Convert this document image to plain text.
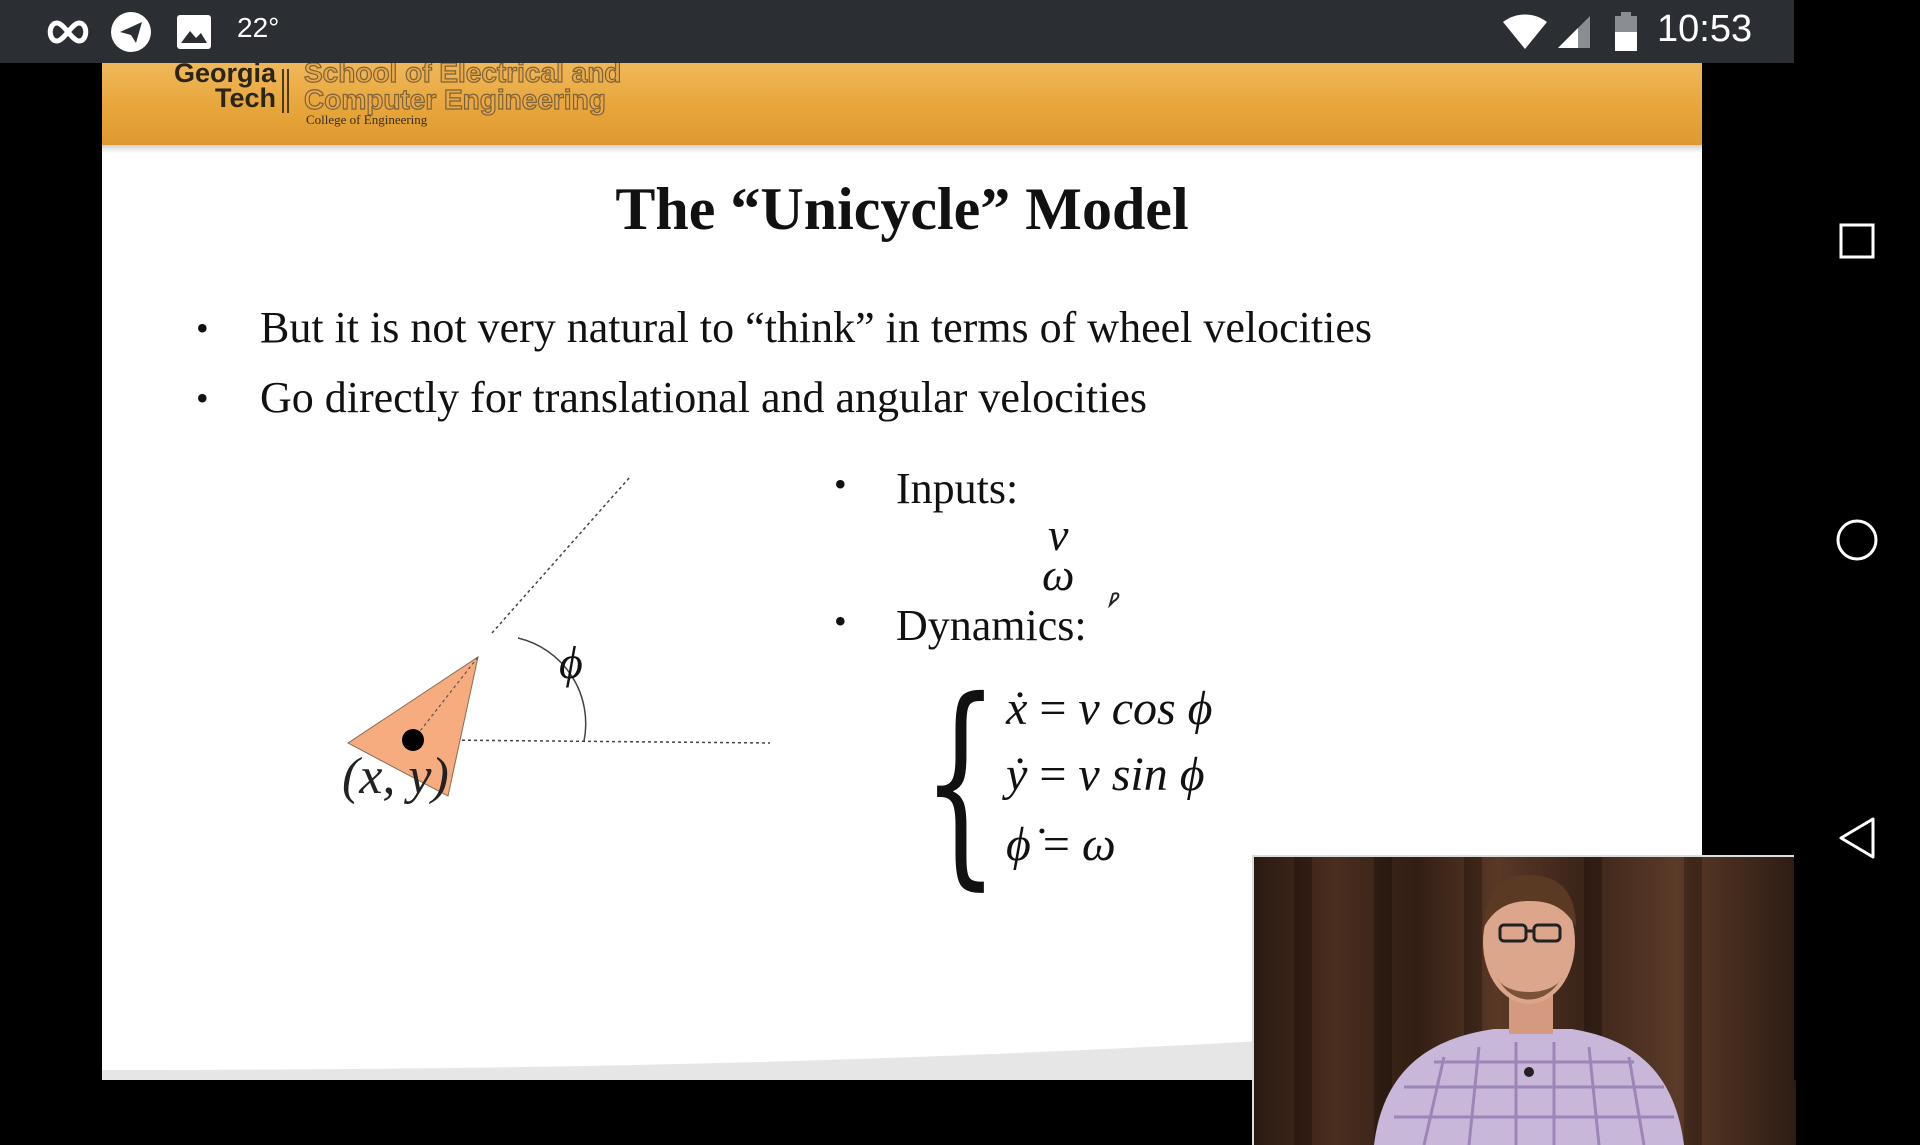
22°	10:53
Georgia
Tech
School of Electrical and
Computer Engineering
College of Engineering
The “Unicycle” Model
• But it is not very natural to “think” in terms of wheel velocities
• Go directly for translational and angular velocities
ϕ
(x, y)
• Inputs:
• Dynamics:
v
ω
{ ẋ = v cos ϕ
ẏ = v sin ϕ
ϕ̇ = ω
